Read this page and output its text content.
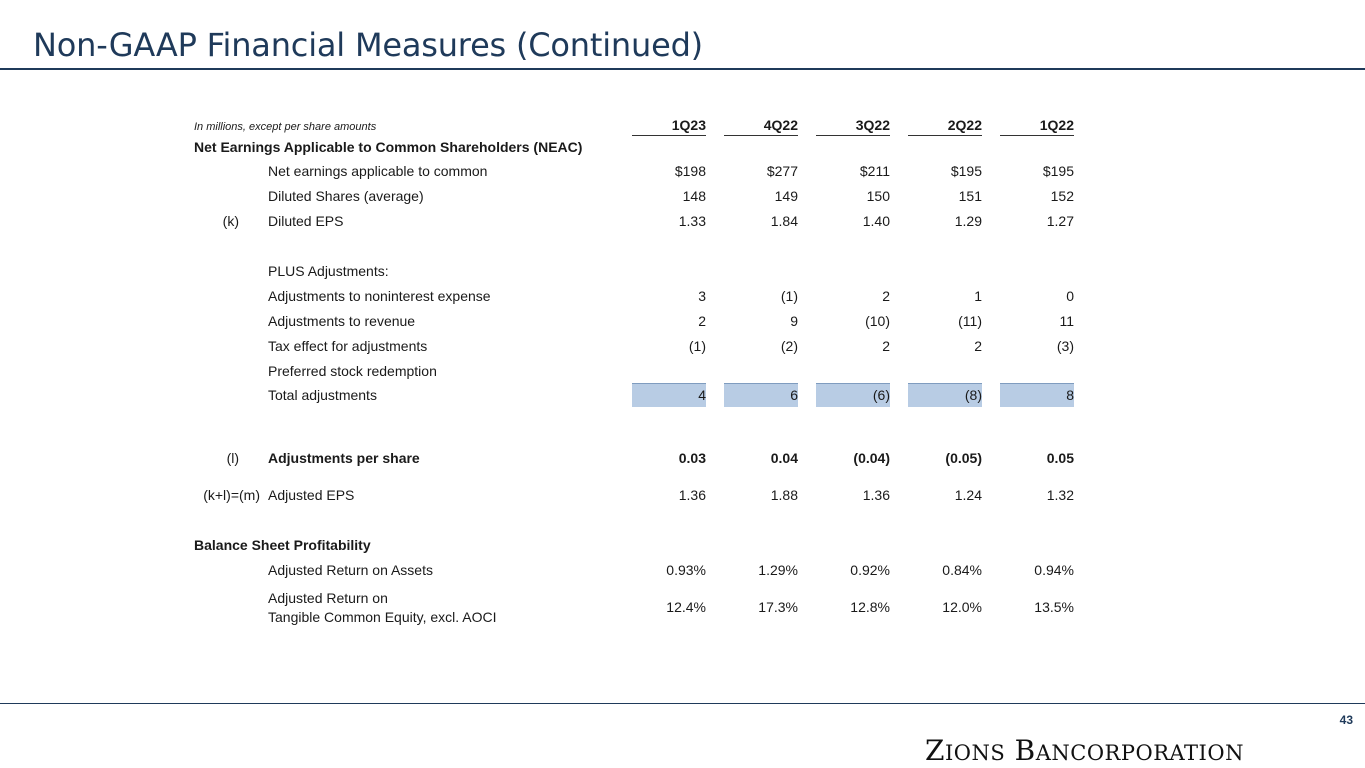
Non-GAAP Financial Measures (Continued)
In millions, except per share amounts	1Q23	4Q22	3Q22	2Q22	1Q22
Net Earnings Applicable to Common Shareholders (NEAC)
Net earnings applicable to common	$198	$277	$211	$195	$195
Diluted Shares (average)	148	149	150	151	152
(k) Diluted EPS	1.33	1.84	1.40	1.29	1.27
PLUS Adjustments:
Adjustments to noninterest expense	3	(1)	2	1	0
Adjustments to revenue	2	9	(10)	(11)	11
Tax effect for adjustments	(1)	(2)	2	2	(3)
Preferred stock redemption
Total adjustments	4	6	(6)	(8)	8
(l) Adjustments per share	0.03	0.04	(0.04)	(0.05)	0.05
(k+l)=(m) Adjusted EPS	1.36	1.88	1.36	1.24	1.32
Balance Sheet Profitability
Adjusted Return on Assets	0.93%	1.29%	0.92%	0.84%	0.94%
Adjusted Return on
Tangible Common Equity, excl. AOCI
12.4%	17.3%	12.8%	12.0%	13.5%
43
ZIONS BANCORPORATION
